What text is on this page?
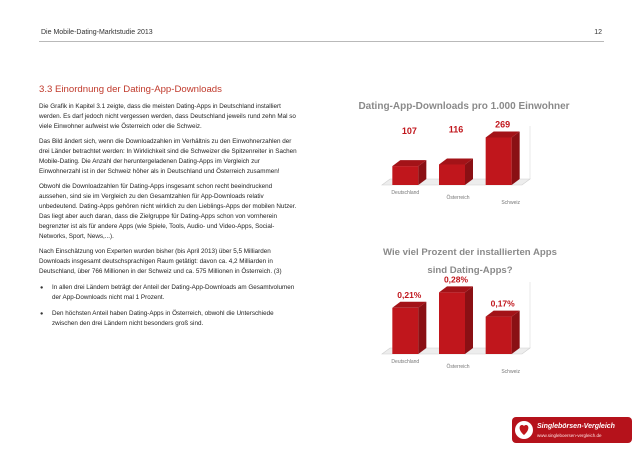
Die Mobile-Dating-Marktstudie 2013	12
3.3 Einordnung der Dating-App-Downloads

Die Grafik in Kapitel 3.1 zeigte, dass die meisten Dating-Apps in Deutschland installiert werden. Es darf jedoch nicht vergessen werden, dass Deutschland jeweils rund zehn Mal so viele Einwohner aufweist wie Österreich oder die Schweiz.

Das Bild ändert sich, wenn die Downloadzahlen im Verhältnis zu den Einwohnerzahlen der drei Länder betrachtet werden: In Wirklichkeit sind die Schweizer die Spitzenreiter in Sachen Mobile-Dating. Die Anzahl der heruntergeladenen Dating-Apps im Vergleich zur Einwohnerzahl ist in der Schweiz höher als in Deutschland und Österreich zusammen!

Obwohl die Downloadzahlen für Dating-Apps insgesamt schon recht beeindruckend aussehen, sind sie im Vergleich zu den Gesamtzahlen für App-Downloads relativ unbedeutend. Dating-Apps gehören nicht wirklich zu den Lieblings-Apps der mobilen Nutzer. Das liegt aber auch daran, dass die Zielgruppe für Dating-Apps schon von vornherein begrenzter ist als für andere Apps (wie Spiele, Tools, Audio- und Video-Apps, Social-Networks, Sport, News,...).

Nach Einschätzung von Experten wurden bisher (bis April 2013) über 5,5 Milliarden Downloads insgesamt deutschsprachigen Raum getätigt: davon ca. 4,2 Milliarden in Deutschland, über 766 Millionen in der Schweiz und ca. 575 Millionen in Österreich. (3)

● In allen drei Ländern beträgt der Anteil der Dating-App-Downloads am Gesamtvolumen der App-Downloads nicht mal 1 Prozent.
● Den höchsten Anteil haben Dating-Apps in Österreich, obwohl die Unterschiede zwischen den drei Ländern nicht besonders groß sind.
Dating-App-Downloads pro 1.000 Einwohner
107
Deutschland
116
Österreich
269
Schweiz
Wie viel Prozent der installierten Apps
sind Dating-Apps?
0,21%
Deutschland
0,28%
Österreich
0,17%
Schweiz
Singlebörsen-Vergleich
www.singleboersen-vergleich.de
